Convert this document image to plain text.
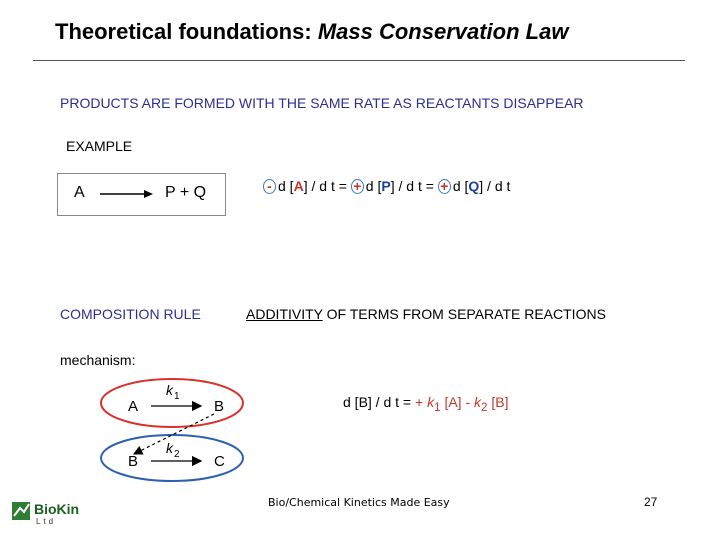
Theoretical foundations: Mass Conservation Law
PRODUCTS ARE FORMED WITH THE SAME RATE AS REACTANTS DISAPPEAR
EXAMPLE
A → P + Q	- d [A] / d t = + d [P] / d t = + d [Q] / d t
COMPOSITION RULE	ADDITIVITY OF TERMS FROM SEPARATE REACTIONS
mechanism:
A	B
k 1
B	C
k 2
d [B] / d t = + $k_1$ $[A] - k_2$ [B]
BioKin
Ltd
Bio/Chemical Kinetics Made Easy	27
